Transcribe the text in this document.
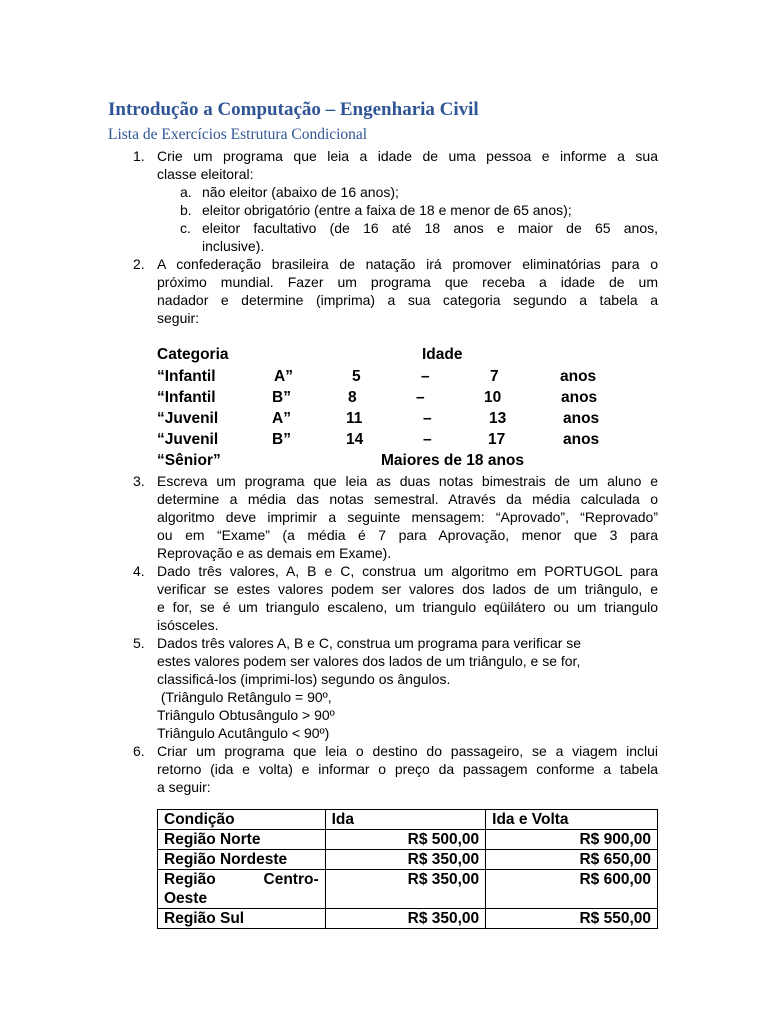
Introdução a Computação – Engenharia Civil
Lista de Exercícios Estrutura Condicional
1. Crie um programa que leia a idade de uma pessoa e informe a sua

classe eleitoral:

a. não eleitor (abaixo de 16 anos);

b. eleitor obrigatório (entre a faixa de 18 e menor de 65 anos);

c. eleitor facultativo (de 16 até 18 anos e maior de 65 anos,

inclusive).

2. A confederação brasileira de natação irá promover eliminatórias para o

próximo mundial. Fazer um programa que receba a idade de um

nadador e determine (imprima) a sua categoria segundo a tabela a

seguir:

Categoria	Idade
“Infantil	A”	5	–	7	anos
“Infantil	B”	8	–	10	anos
“Juvenil	A”	11	–	13	anos
“Juvenil	B”	14	–	17	anos
“Sênior”	Maiores de 18 anos
3. Escreva um programa que leia as duas notas bimestrais de um aluno e

determine a média das notas semestral. Através da média calculada o

algoritmo deve imprimir a seguinte mensagem: “Aprovado”, “Reprovado”

ou em “Exame” (a média é 7 para Aprovação, menor que 3 para

Reprovação e as demais em Exame).

4. Dado três valores, A, B e C, construa um algoritmo em PORTUGOL para

verificar se estes valores podem ser valores dos lados de um triângulo, e

e for, se é um triangulo escaleno, um triangulo eqüilátero ou um triangulo

isósceles.

5. Dados três valores A, B e C, construa um programa para verificar se

estes valores podem ser valores dos lados de um triângulo, e se for,

classificá-los (imprimi-los) segundo os ângulos.

(Triângulo Retângulo = 90º,

Triângulo Obtusângulo > 90º

Triângulo Acutângulo < 90º)

6. Criar um programa que leia o destino do passageiro, se a viagem inclui

retorno (ida e volta) e informar o preço da passagem conforme a tabela

a seguir:

Condição	Ida	Ida e Volta
Região Norte	R$ 500,00	R$ 900,00
Região Nordeste	R$ 350,00	R$ 650,00

Região Centro-
Oeste	R$ 350,00	R$ 600,00
Região Sul	R$ 350,00	R$ 550,00
